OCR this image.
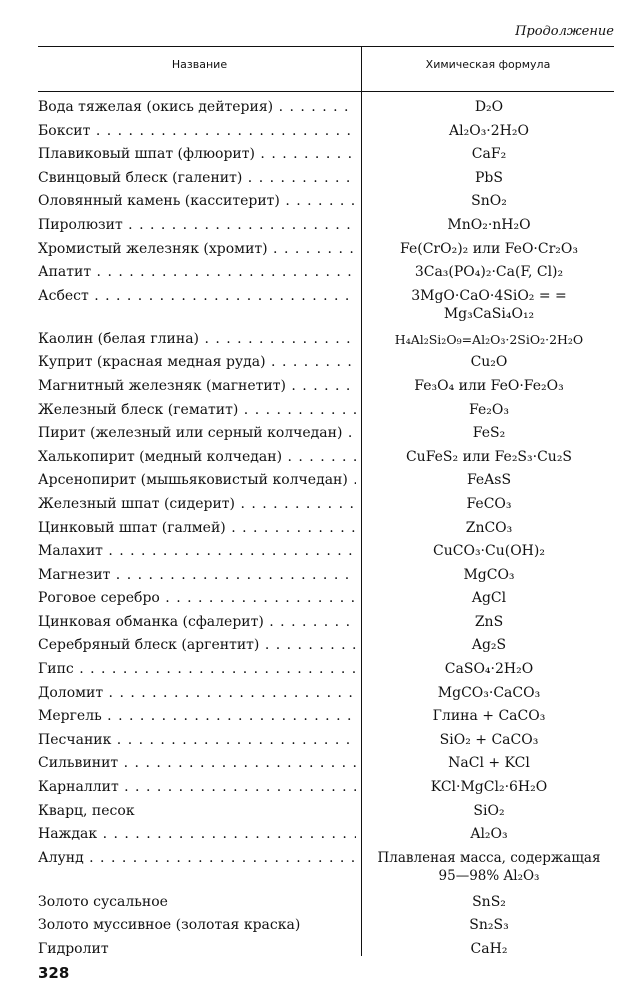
Продолжение
Название	Химическая формула
Вода тяжелая (окись дейтерия) . . .	D₂O
Боксит . . .	Al₂O₃·2H₂O
Плавиковый шпат (флюорит) . . .	CaF₂
Свинцовый блеск (галенит) . . .	PbS
Оловянный камень (касситерит) . . .	SnO₂
Пиролюзит . . .	MnO₂·nH₂O
Хромистый железняк (хромит) . . .	Fe(CrO₂)₂ или FeO·Cr₂O₃
Апатит . . .	3Ca₃(PO₄)₂·Ca(F, Cl)₂
Асбест . . .	3MgO·CaO·4SiO₂ = = Mg₃CaSi₄O₁₂
Каолин (белая глина) . . .	H₄Al₂Si₂O₉=Al₂O₃·2SiO₂·2H₂O
Куприт (красная медная руда) . . .	Cu₂O
Магнитный железняк (магнетит) . . .	Fe₃O₄ или FeO·Fe₂O₃
Железный блеск (гематит) . . .	Fe₂O₃
Пирит (железный или серный колчедан) . . .	FeS₂
Халькопирит (медный колчедан) . . .	CuFeS₂ или Fe₂S₃·Cu₂S
Арсенопирит (мышьяковистый колчедан) . . .	FeAsS
Железный шпат (сидерит) . . .	FeCO₃
Цинковый шпат (галмей) . . .	ZnCO₃
Малахит . . .	CuCO₃·Cu(OH)₂
Магнезит . . .	MgCO₃
Роговое серебро . . .	AgCl
Цинковая обманка (сфалерит) . . .	ZnS
Серебряный блеск (аргентит) . . .	Ag₂S
Гипс . . .	CaSO₄·2H₂O
Доломит . . .	MgCO₃·CaCO₃
Мергель . . .	Глина + CaCO₃
Песчаник . . .	SiO₂ + CaCO₃
Сильвинит . . .	NaCl + KCl
Карналлит . . .	KCl·MgCl₂·6H₂O
Кварц, песок	SiO₂
Наждак . . .	Al₂O₃
Алунд . . .	Плавленая масса, содержащая 95—98% Al₂O₃
Золото сусальное	SnS₂
Золото муссивное (золотая краска)	Sn₂S₃
Гидролит	CaH₂
328
